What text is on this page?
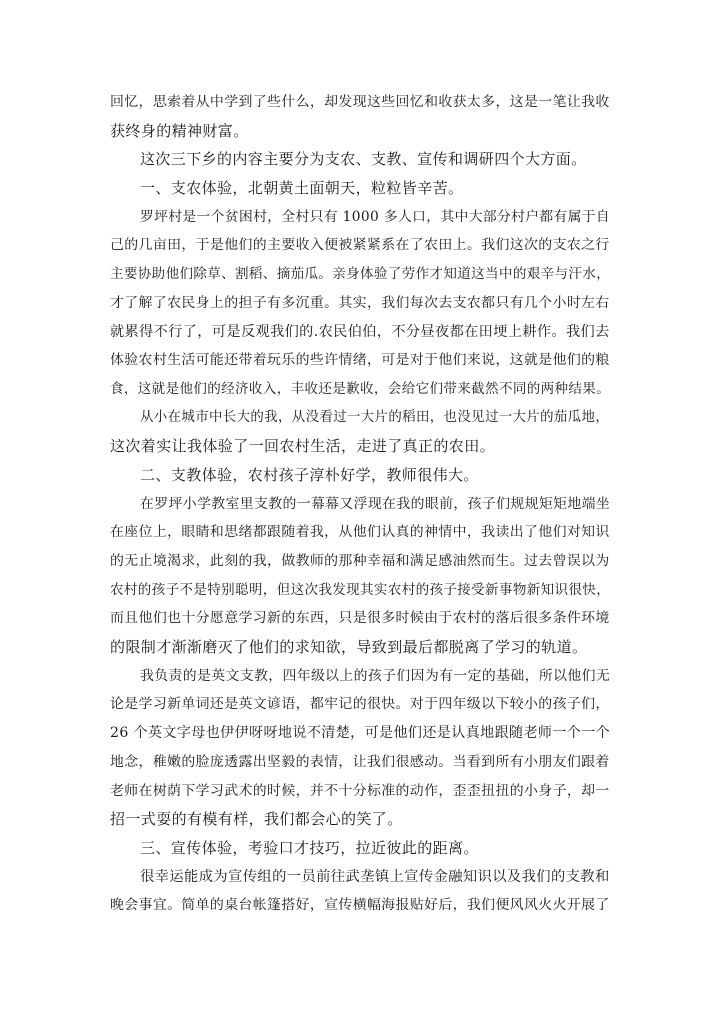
回忆，思索着从中学到了些什么，却发现这些回忆和收获太多，这是一笔让我收
获终身的精神财富。
这次三下乡的内容主要分为支农、支教、宣传和调研四个大方面。
一、支农体验，北朝黄土面朝天，粒粒皆辛苦。
罗坪村是一个贫困村，全村只有 1000 多人口，其中大部分村户都有属于自
己的几亩田，于是他们的主要收入便被紧紧系在了农田上。我们这次的支农之行
主要协助他们除草、割稻、摘茄瓜。亲身体验了劳作才知道这当中的艰辛与汗水，
才了解了农民身上的担子有多沉重。其实，我们每次去支农都只有几个小时左右
就累得不行了，可是反观我们的.农民伯伯，不分昼夜都在田埂上耕作。我们去
体验农村生活可能还带着玩乐的些许情绪，可是对于他们来说，这就是他们的粮
食，这就是他们的经济收入，丰收还是歉收，会给它们带来截然不同的两种结果。
从小在城市中长大的我，从没看过一大片的稻田，也没见过一大片的茄瓜地，
这次着实让我体验了一回农村生活，走进了真正的农田。
二、支教体验，农村孩子淳朴好学，教师很伟大。
在罗坪小学教室里支教的一幕幕又浮现在我的眼前，孩子们规规矩矩地端坐
在座位上，眼睛和思绪都跟随着我，从他们认真的神情中，我读出了他们对知识
的无止境渴求，此刻的我，做教师的那种幸福和满足感油然而生。过去曾误以为
农村的孩子不是特别聪明，但这次我发现其实农村的孩子接受新事物新知识很快，
而且他们也十分愿意学习新的东西，只是很多时候由于农村的落后很多条件环境
的限制才渐渐磨灭了他们的求知欲，导致到最后都脱离了学习的轨道。
我负责的是英文支教，四年级以上的孩子们因为有一定的基础，所以他们无
论是学习新单词还是英文谚语，都牢记的很快。对于四年级以下较小的孩子们，
26 个英文字母也伊伊呀呀地说不清楚，可是他们还是认真地跟随老师一个一个
地念，稚嫩的脸庞透露出坚毅的表情，让我们很感动。当看到所有小朋友们跟着
老师在树荫下学习武术的时候，并不十分标准的动作，歪歪扭扭的小身子，却一
招一式耍的有模有样，我们都会心的笑了。
三、宣传体验，考验口才技巧，拉近彼此的距离。
很幸运能成为宣传组的一员前往武垄镇上宣传金融知识以及我们的支教和
晚会事宜。简单的桌台帐篷搭好，宣传横幅海报贴好后，我们便风风火火开展了
